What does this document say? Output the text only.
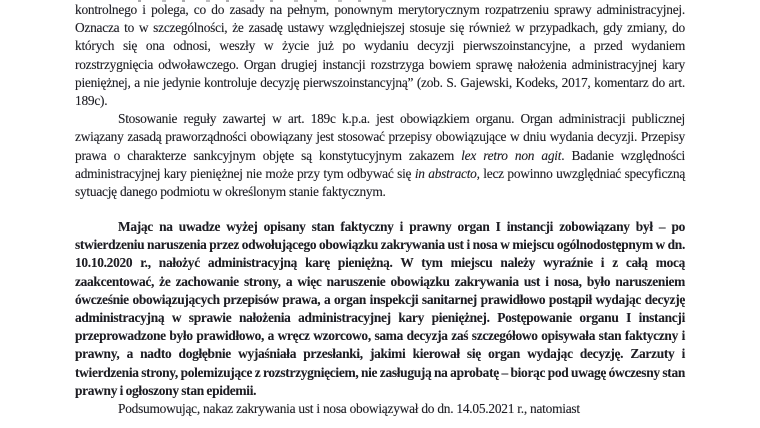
kontrolnego i polega, co do zasady na pełnym, ponownym merytorycznym rozpatrzeniu sprawy administracyjnej. Oznacza to w szczególności, że zasadę ustawy względniejszej stosuje się również w przypadkach, gdy zmiany, do których się ona odnosi, weszły w życie już po wydaniu decyzji pierwszoinstancyjne, a przed wydaniem rozstrzygnięcia odwoławczego. Organ drugiej instancji rozstrzyga bowiem sprawę nałożenia administracyjnej kary pieniężnej, a nie jedynie kontroluje decyzję pierwszoinstancyjną” (zob. S. Gajewski, Kodeks, 2017, komentarz do art. 189c).

Stosowanie reguły zawartej w art. 189c k.p.a. jest obowiązkiem organu. Organ administracji publicznej związany zasadą praworządności obowiązany jest stosować przepisy obowiązujące w dniu wydania decyzji. Przepisy prawa o charakterze sankcyjnym objęte są konstytucyjnym zakazem lex retro non agit. Badanie względności administracyjnej kary pieniężnej nie może przy tym odbywać się in abstracto, lecz powinno uwzględniać specyficzną sytuację danego podmiotu w określonym stanie faktycznym.

Mając na uwadze wyżej opisany stan faktyczny i prawny organ I instancji zobowiązany był – po stwierdzeniu naruszenia przez odwołującego obowiązku zakrywania ust i nosa w miejscu ogólnodostępnym w dn. 10.10.2020 r., nałożyć administracyjną karę pieniężną. W tym miejscu należy wyraźnie i z całą mocą zaakcentować, że zachowanie strony, a więc naruszenie obowiązku zakrywania ust i nosa, było naruszeniem ówcześnie obowiązujących przepisów prawa, a organ inspekcji sanitarnej prawidłowo postąpił wydając decyzję administracyjną w sprawie nałożenia administracyjnej kary pieniężnej. Postępowanie organu I instancji przeprowadzone było prawidłowo, a wręcz wzorcowo, sama decyzja zaś szczegółowo opisywała stan faktyczny i prawny, a nadto dogłębnie wyjaśniała przesłanki, jakimi kierował się organ wydając decyzję. Zarzuty i twierdzenia strony, polemizujące z rozstrzygnięciem, nie zasługują na aprobatę – biorąc pod uwagę ówczesny stan prawny i ogłoszony stan epidemii.

Podsumowując, nakaz zakrywania ust i nosa obowiązywał do dn. 14.05.2021 r., natomiast
